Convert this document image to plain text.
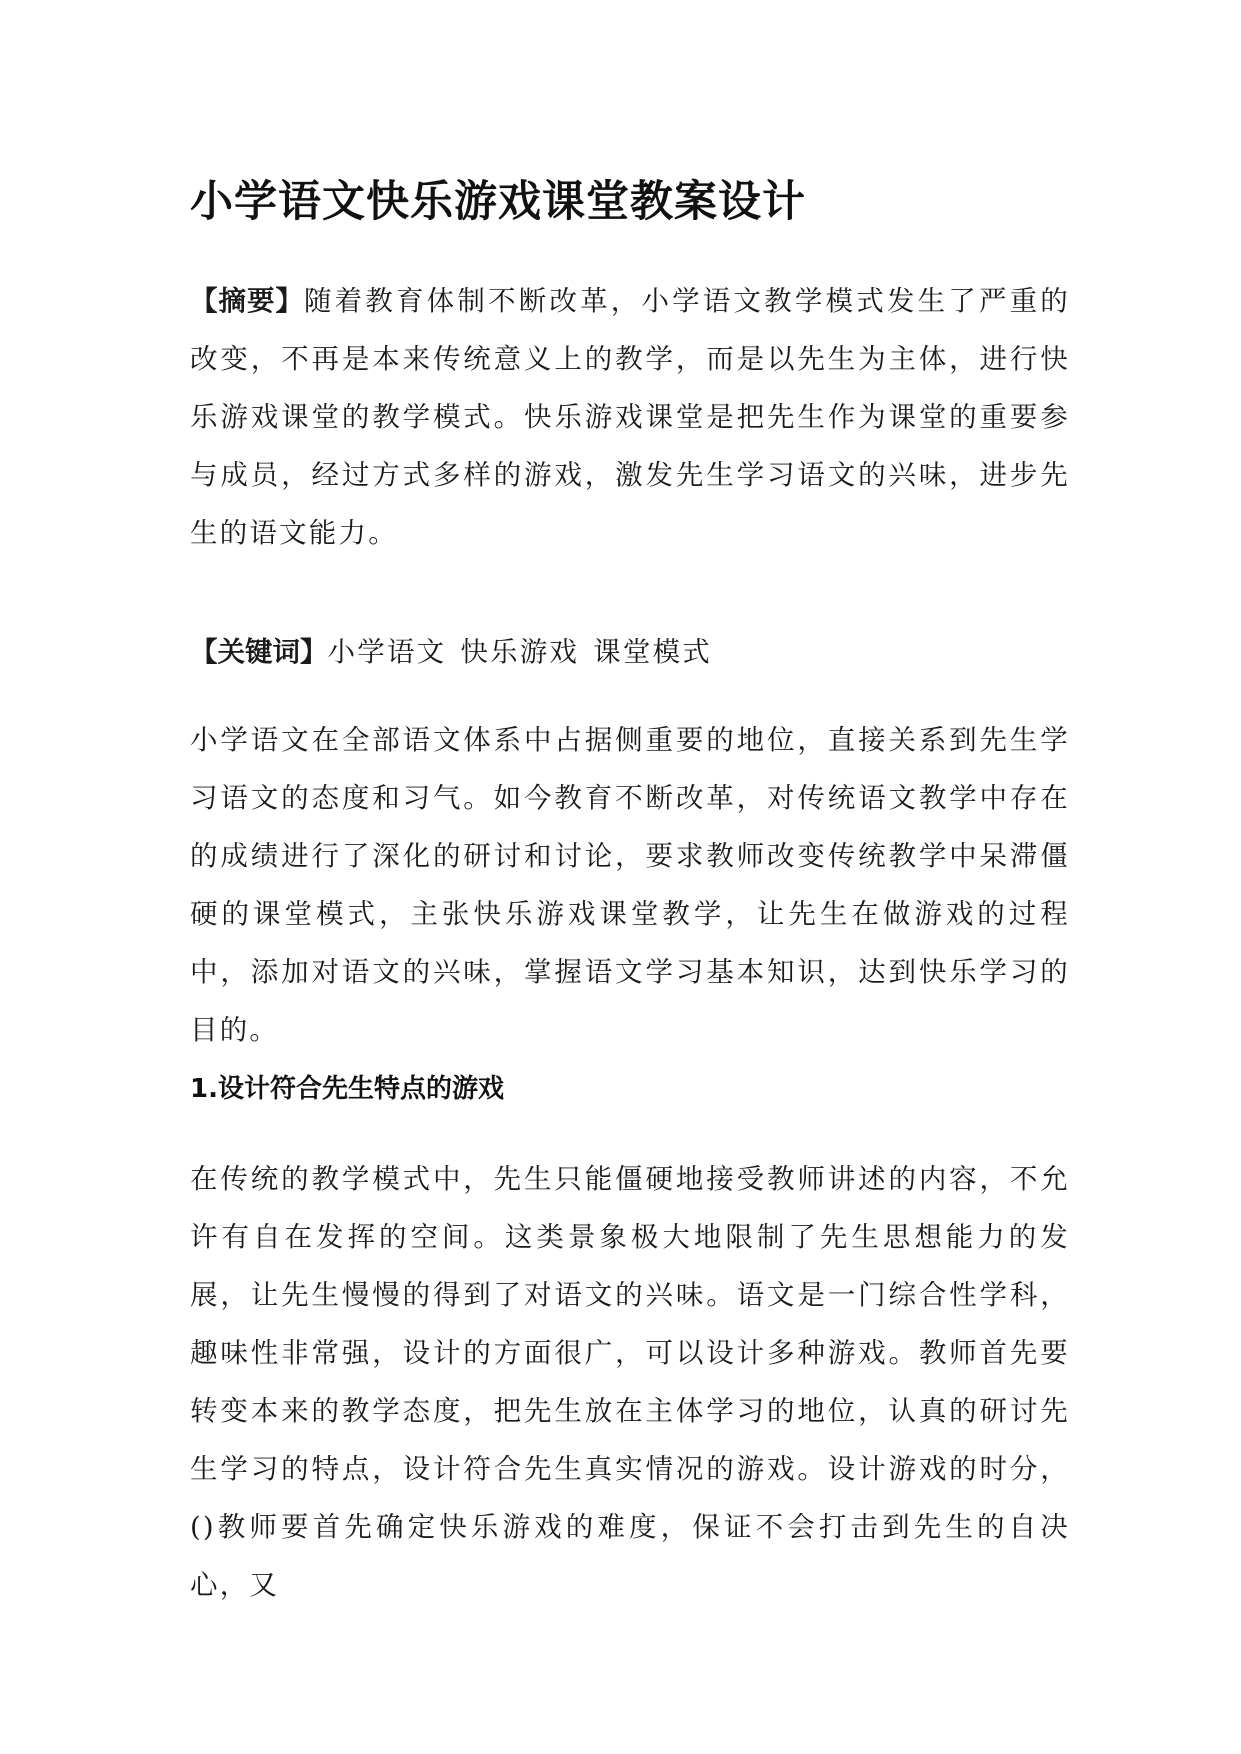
小学语文快乐游戏课堂教案设计

【摘要】随着教育体制不断改革，小学语文教学模式发生了严重的改变，不再是本来传统意义上的教学，而是以先生为主体，进行快乐游戏课堂的教学模式。快乐游戏课堂是把先生作为课堂的重要参与成员，经过方式多样的游戏，激发先生学习语文的兴味，进步先生的语文能力。

【关键词】小学语文 快乐游戏 课堂模式

小学语文在全部语文体系中占据侧重要的地位，直接关系到先生学习语文的态度和习气。如今教育不断改革，对传统语文教学中存在的成绩进行了深化的研讨和讨论，要求教师改变传统教学中呆滞僵硬的课堂模式，主张快乐游戏课堂教学，让先生在做游戏的过程中，添加对语文的兴味，掌握语文学习基本知识，达到快乐学习的目的。

1.设计符合先生特点的游戏

在传统的教学模式中，先生只能僵硬地接受教师讲述的内容，不允许有自在发挥的空间。这类景象极大地限制了先生思想能力的发展，让先生慢慢的得到了对语文的兴味。语文是一门综合性学科，趣味性非常强，设计的方面很广，可以设计多种游戏。教师首先要转变本来的教学态度，把先生放在主体学习的地位，认真的研讨先生学习的特点，设计符合先生真实情况的游戏。设计游戏的时分，()教师要首先确定快乐游戏的难度，保证不会打击到先生的自决心，又
